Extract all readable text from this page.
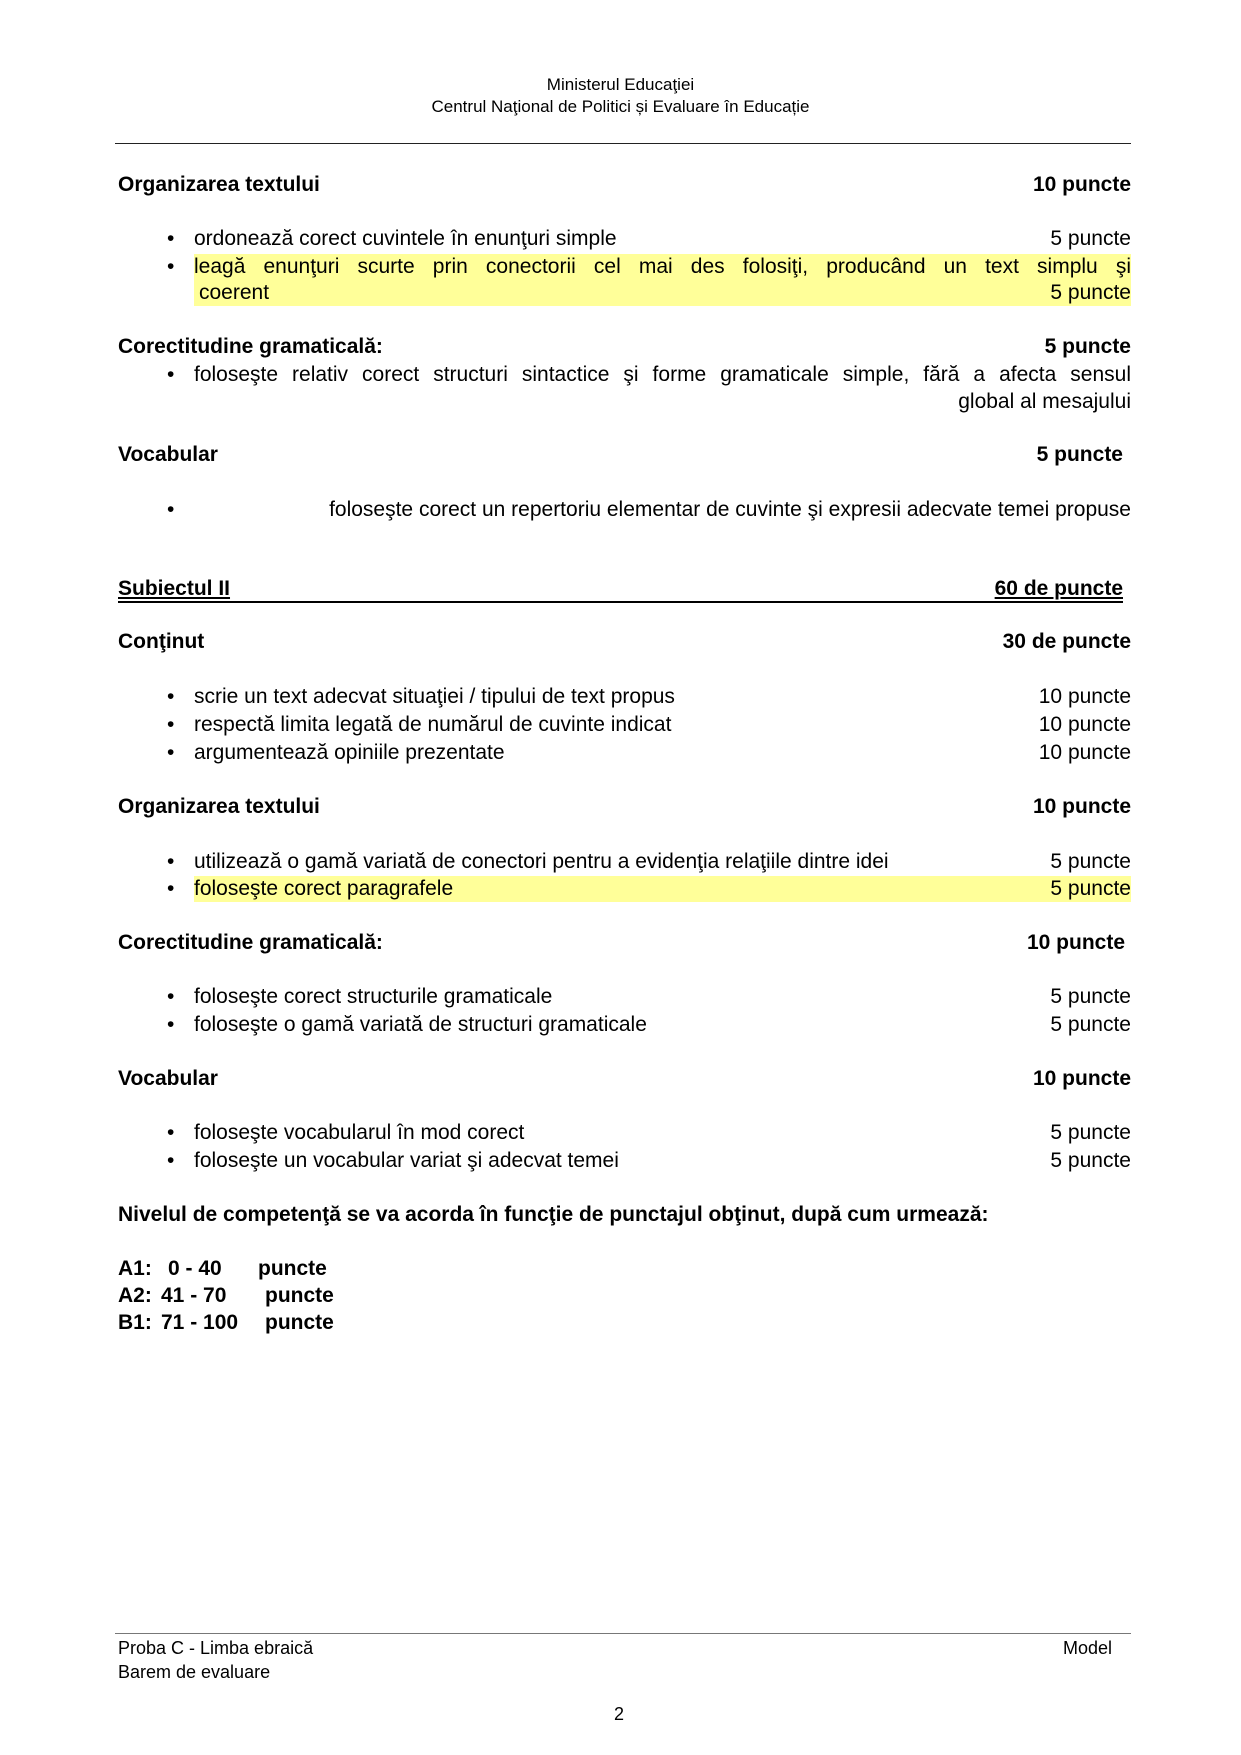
Ministerul Educaţiei
Centrul Naţional de Politici și Evaluare în Educație
Organizarea textului	10 puncte
• ordonează corect cuvintele în enunţuri simple	5 puncte
• leagă enunţuri scurte prin conectorii cel mai des folosiţi, producând un text simplu şi
coerent	5 puncte
Corectitudine gramaticală:	5 puncte
• foloseşte relativ corect structuri sintactice şi forme gramaticale simple, fără a afecta sensul
global al mesajului
Vocabular	5 puncte
•	foloseşte corect un repertoriu elementar de cuvinte şi expresii adecvate temei propuse
Subiectul II	60 de puncte
Conţinut	30 de puncte
• scrie un text adecvat situaţiei / tipului de text propus	10 puncte
• respectă limita legată de numărul de cuvinte indicat	10 puncte
• argumentează opiniile prezentate	10 puncte
Organizarea textului	10 puncte
• utilizează o gamă variată de conectori pentru a evidenţia relaţiile dintre idei	5 puncte
• foloseşte corect paragrafele	5 puncte
Corectitudine gramaticală:	10 puncte
• foloseşte corect structurile gramaticale	5 puncte
• foloseşte o gamă variată de structuri gramaticale	5 puncte
Vocabular	10 puncte
• foloseşte vocabularul în mod corect	5 puncte
• foloseşte un vocabular variat şi adecvat temei	5 puncte
Nivelul de competenţă se va acorda în funcţie de punctajul obţinut, după cum urmează:
A1: 0 - 40 puncte
A2: 41 - 70 puncte
B1: 71 - 100 puncte
Proba C - Limba ebraică
Barem de evaluare
Model
2
